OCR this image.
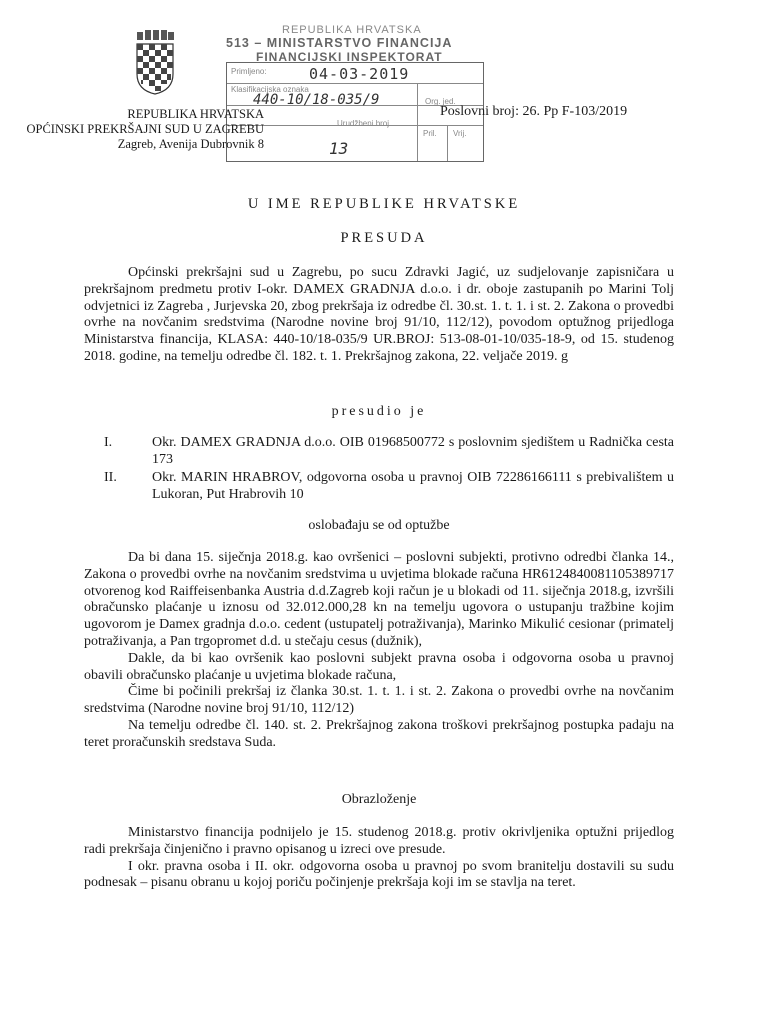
REPUBLIKA HRVATSKA
513 – MINISTARSTVO FINANCIJA
FINANCIJSKI INSPEKTORAT
Primljeno:	04-03-2019
Klasifikacijska oznaka
440-10/18-035/9	Org. jed.
Urudžbeni broj
Pril. Vrij.
13
REPUBLIKA HRVATSKA
OPĆINSKI PREKRŠAJNI SUD U ZAGREBU
Zagreb, Avenija Dubrovnik 8
Poslovni broj: 26. Pp F-103/2019
U IME REPUBLIKE HRVATSKE
PRESUDA

Općinski prekršajni sud u Zagrebu, po sucu Zdravki Jagić, uz sudjelovanje zapisničara u prekršajnom predmetu protiv I-okr. DAMEX GRADNJA d.o.o. i dr. oboje zastupanih po Marini Tolj odvjetnici iz Zagreba , Jurjevska 20, zbog prekršaja iz odredbe čl. 30.st. 1. t. 1. i st. 2. Zakona o provedbi ovrhe na novčanim sredstvima (Narodne novine broj 91/10, 112/12), povodom optužnog prijedloga Ministarstva financija, KLASA: 440-10/18-035/9 UR.BROJ: 513-08-01-10/035-18-9, od 15. studenog 2018. godine, na temelju odredbe čl. 182. t. 1. Prekršajnog zakona, 22. veljače 2019. g

presudio je
I.	Okr. DAMEX GRADNJA d.o.o. OIB 01968500772 s poslovnim sjedištem u Radnička cesta 173
II.	Okr. MARIN HRABROV, odgovorna osoba u pravnoj OIB 72286166111 s prebivalištem u Lukoran, Put Hrabrovih 10
oslobađaju se od optužbe

Da bi dana 15. siječnja 2018.g. kao ovršenici – poslovni subjekti, protivno odredbi članka 14., Zakona o provedbi ovrhe na novčanim sredstvima u uvjetima blokade računa HR6124840081105389717 otvorenog kod Raiffeisenbanka Austria d.d.Zagreb koji račun je u blokadi od 11. siječnja 2018.g, izvršili obračunsko plaćanje u iznosu od 32.012.000,28 kn na temelju ugovora o ustupanju tražbine kojim ugovorom je Damex gradnja d.o.o. cedent (ustupatelj potraživanja), Marinko Mikulić cesionar (primatelj potraživanja, a Pan trgopromet d.d. u stečaju cesus (dužnik),

Dakle, da bi kao ovršenik kao poslovni subjekt pravna osoba i odgovorna osoba u pravnoj obavili obračunsko plaćanje u uvjetima blokade računa,

Čime bi počinili prekršaj iz članka 30.st. 1. t. 1. i st. 2. Zakona o provedbi ovrhe na novčanim sredstvima (Narodne novine broj 91/10, 112/12)

Na temelju odredbe čl. 140. st. 2. Prekršajnog zakona troškovi prekršajnog postupka padaju na teret proračunskih sredstava Suda.

Obrazloženje

Ministarstvo financija podnijelo je 15. studenog 2018.g. protiv okrivljenika optužni prijedlog radi prekršaja činjenično i pravno opisanog u izreci ove presude.

I okr. pravna osoba i II. okr. odgovorna osoba u pravnoj po svom branitelju dostavili su sudu podnesak – pisanu obranu u kojoj poriču počinjenje prekršaja koji im se stavlja na teret.
